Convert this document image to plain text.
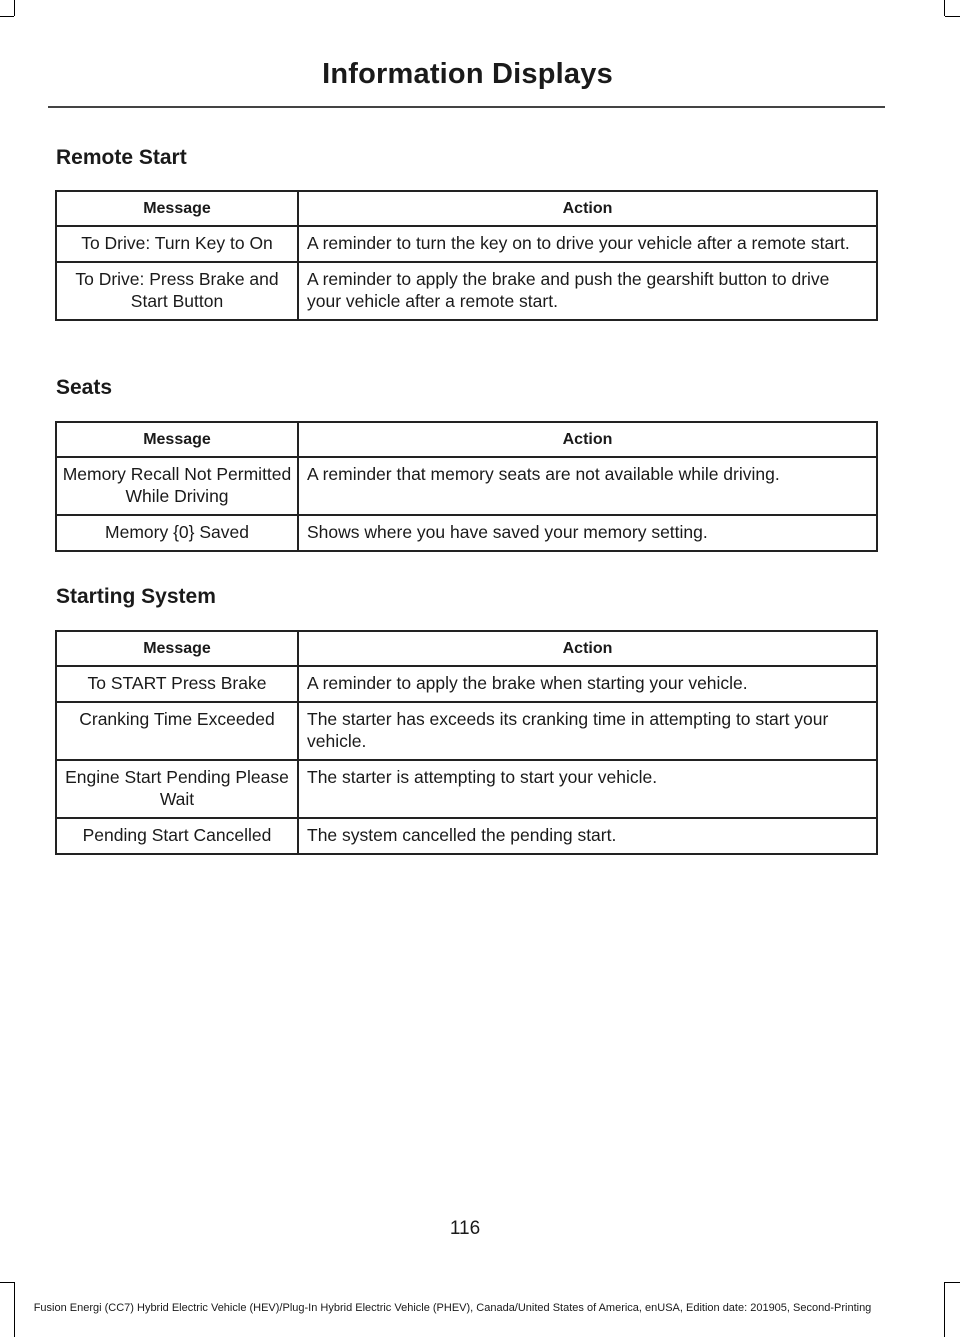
Information Displays
Remote Start
Message	Action
To Drive: Turn Key to On	A reminder to turn the key on to drive your vehicle after a remote start.
To Drive: Press Brake and Start Button	A reminder to apply the brake and push the gearshift button to drive your vehicle after a remote start.
Seats
Message	Action
Memory Recall Not Permitted While Driving	A reminder that memory seats are not available while driving.
Memory {0} Saved	Shows where you have saved your memory setting.
Starting System
Message	Action
To START Press Brake	A reminder to apply the brake when starting your vehicle.
Cranking Time Exceeded	The starter has exceeds its cranking time in attempting to start your vehicle.
Engine Start Pending Please Wait	The starter is attempting to start your vehicle.
Pending Start Cancelled	The system cancelled the pending start.
116
Fusion Energi (CC7) Hybrid Electric Vehicle (HEV)/Plug-In Hybrid Electric Vehicle (PHEV), Canada/United States of America, enUSA, Edition date: 201905, Second-Printing
